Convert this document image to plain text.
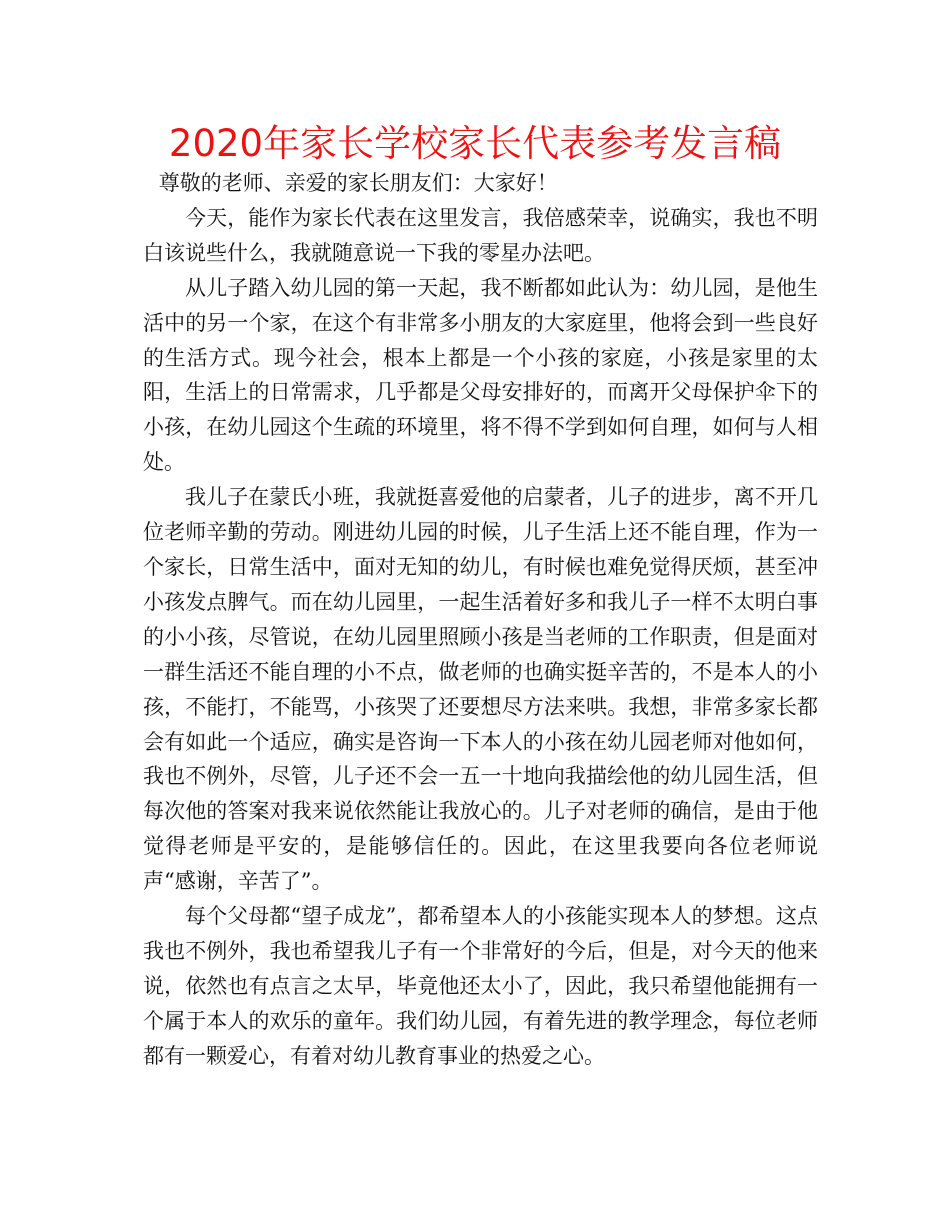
2020年家长学校家长代表参考发言稿

尊敬的老师、亲爱的家长朋友们：大家好！

今天，能作为家长代表在这里发言，我倍感荣幸，说确实，我也不明白该说些什么，我就随意说一下我的零星办法吧。

从儿子踏入幼儿园的第一天起，我不断都如此认为：幼儿园，是他生活中的另一个家，在这个有非常多小朋友的大家庭里，他将会到一些良好的生活方式。现今社会，根本上都是一个小孩的家庭，小孩是家里的太阳，生活上的日常需求，几乎都是父母安排好的，而离开父母保护伞下的小孩，在幼儿园这个生疏的环境里，将不得不学到如何自理，如何与人相处。

我儿子在蒙氏小班，我就挺喜爱他的启蒙者，儿子的进步，离不开几位老师辛勤的劳动。刚进幼儿园的时候，儿子生活上还不能自理，作为一个家长，日常生活中，面对无知的幼儿，有时候也难免觉得厌烦，甚至冲小孩发点脾气。而在幼儿园里，一起生活着好多和我儿子一样不太明白事的小小孩，尽管说，在幼儿园里照顾小孩是当老师的工作职责，但是面对一群生活还不能自理的小不点，做老师的也确实挺辛苦的，不是本人的小孩，不能打，不能骂，小孩哭了还要想尽方法来哄。我想，非常多家长都会有如此一个适应，确实是咨询一下本人的小孩在幼儿园老师对他如何，我也不例外，尽管，儿子还不会一五一十地向我描绘他的幼儿园生活，但每次他的答案对我来说依然能让我放心的。儿子对老师的确信，是由于他觉得老师是平安的，是能够信任的。因此，在这里我要向各位老师说声“感谢，辛苦了”。

每个父母都“望子成龙”，都希望本人的小孩能实现本人的梦想。这点我也不例外，我也希望我儿子有一个非常好的今后，但是，对今天的他来说，依然也有点言之太早，毕竟他还太小了，因此，我只希望他能拥有一个属于本人的欢乐的童年。我们幼儿园，有着先进的教学理念，每位老师都有一颗爱心，有着对幼儿教育事业的热爱之心。
